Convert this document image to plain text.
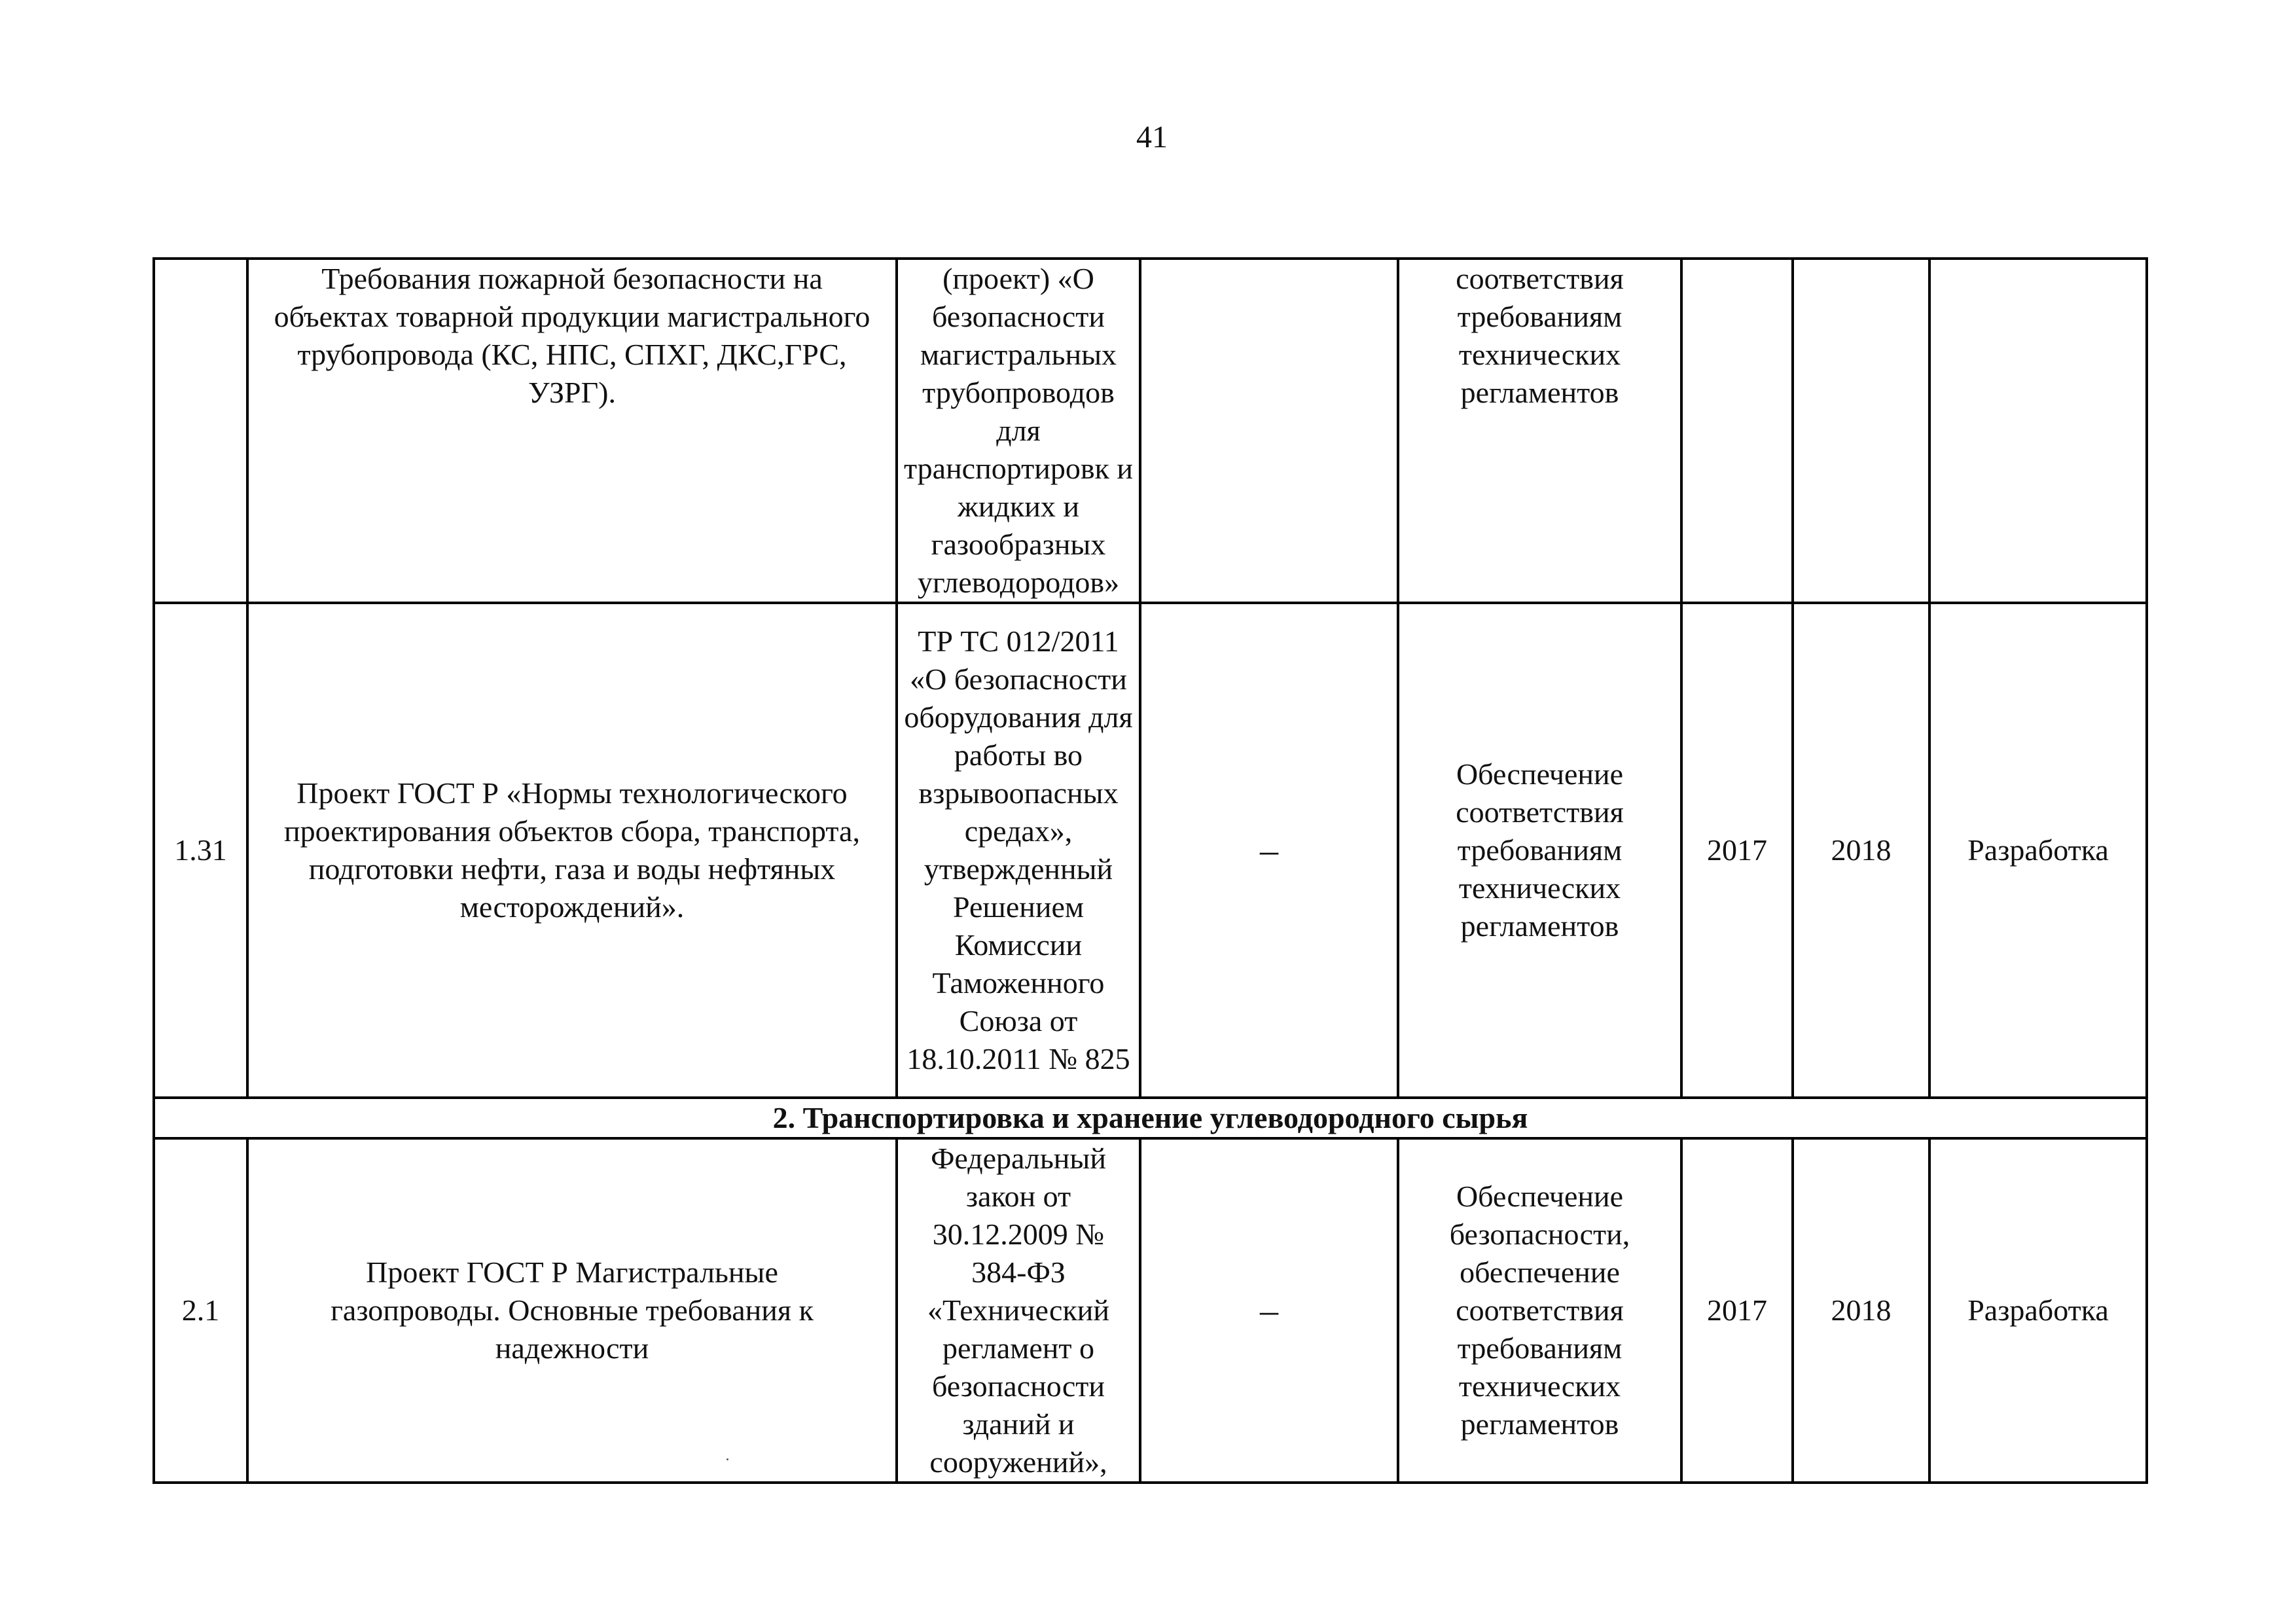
41

	Требования пожарной безопасности на объектах товарной продукции магистрального трубопровода (КС, НПС, СПХГ, ДКС,ГРС, УЗРГ).	(проект) «О безопасности магистральных трубопроводов для транспортировк и жидких и газообразных углеводородов»		соответствия требованиям технических регламентов			

1.31	Проект ГОСТ Р «Нормы технологического проектирования объектов сбора, транспорта, подготовки нефти, газа и воды нефтяных месторождений».	ТР ТС 012/2011 «О безопасности оборудования для работы во взрывоопасных средах», утвержденный Решением Комиссии Таможенного Союза от 18.10.2011 № 825	–	Обеспечение соответствия требованиям технических регламентов	2017	2018	Разработка
2. Транспортировка и хранение углеводородного сырья							
2.1	Проект ГОСТ Р Магистральные газопроводы. Основные требования к надежности	Федеральный закон от 30.12.2009 № 384-ФЗ «Технический регламент о безопасности зданий и сооружений»,	–	Обеспечение безопасности, обеспечение соответствия требованиям технических регламентов	2017	2018	Разработка
